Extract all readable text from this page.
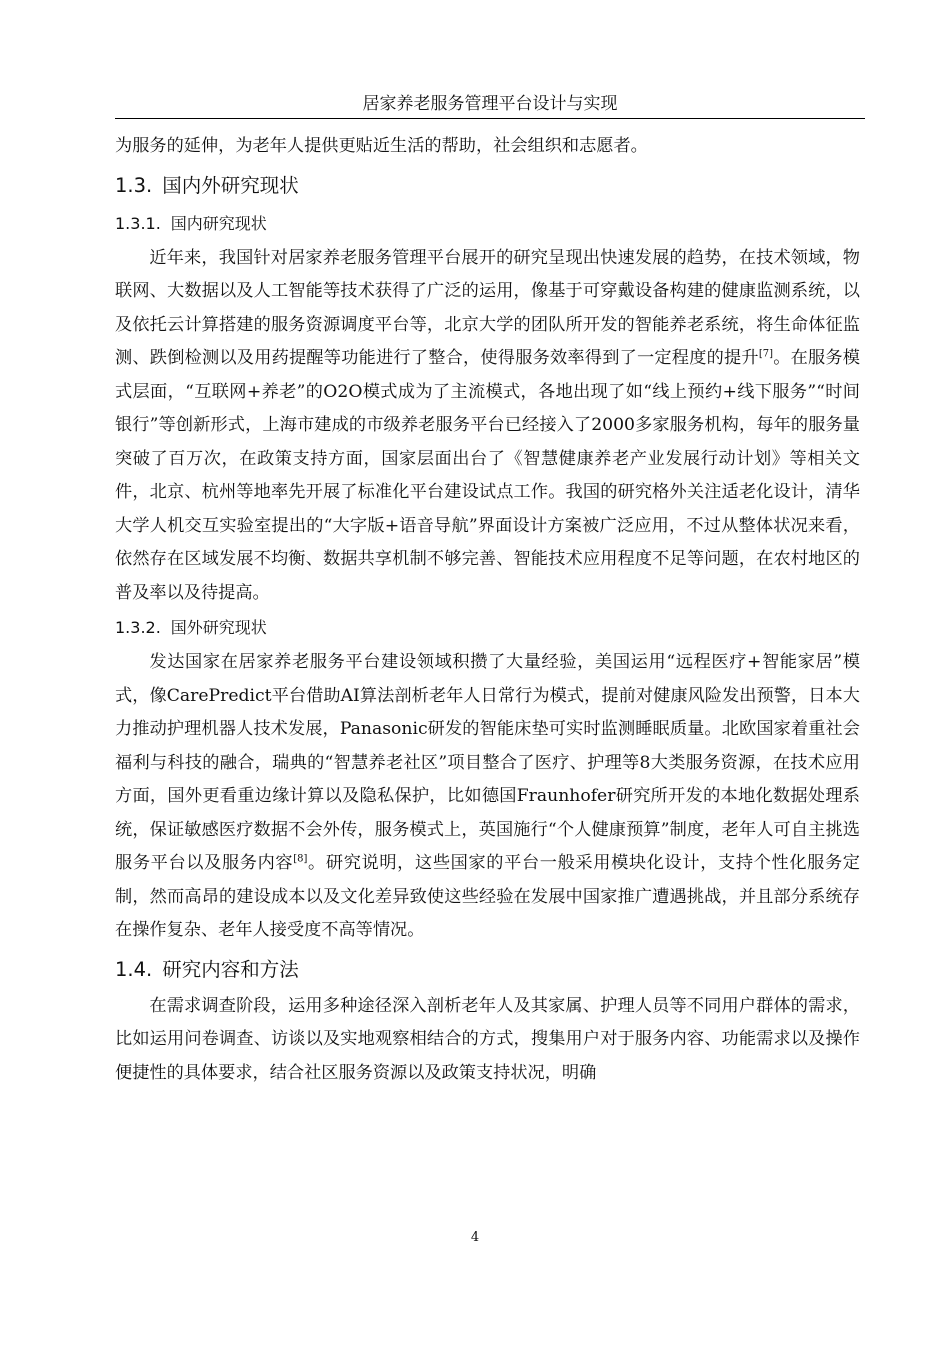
居家养老服务管理平台设计与实现

为服务的延伸，为老年人提供更贴近生活的帮助，社会组织和志愿者。

1.3. 国内外研究现状
1.3.1. 国内研究现状

近年来，我国针对居家养老服务管理平台展开的研究呈现出快速发展的趋势，在技术领域，物联网、大数据以及人工智能等技术获得了广泛的运用，像基于可穿戴设备构建的健康监测系统，以及依托云计算搭建的服务资源调度平台等，北京大学的团队所开发的智能养老系统，将生命体征监测、跌倒检测以及用药提醒等功能进行了整合，使得服务效率得到了一定程度的提升[7]。在服务模式层面，“互联网+养老”的O2O模式成为了主流模式，各地出现了如“线上预约+线下服务”“时间银行”等创新形式，上海市建成的市级养老服务平台已经接入了2000多家服务机构，每年的服务量突破了百万次，在政策支持方面，国家层面出台了《智慧健康养老产业发展行动计划》等相关文件，北京、杭州等地率先开展了标准化平台建设试点工作。我国的研究格外关注适老化设计，清华大学人机交互实验室提出的“大字版+语音导航”界面设计方案被广泛应用，不过从整体状况来看，依然存在区域发展不均衡、数据共享机制不够完善、智能技术应用程度不足等问题，在农村地区的普及率以及待提高。

1.3.2. 国外研究现状

发达国家在居家养老服务平台建设领域积攒了大量经验，美国运用“远程医疗+智能家居”模式，像CarePredict平台借助AI算法剖析老年人日常行为模式，提前对健康风险发出预警，日本大力推动护理机器人技术发展，Panasonic研发的智能床垫可实时监测睡眠质量。北欧国家着重社会福利与科技的融合，瑞典的“智慧养老社区”项目整合了医疗、护理等8大类服务资源，在技术应用方面，国外更看重边缘计算以及隐私保护，比如德国Fraunhofer研究所开发的本地化数据处理系统，保证敏感医疗数据不会外传，服务模式上，英国施行“个人健康预算”制度，老年人可自主挑选服务平台以及服务内容[8]。研究说明，这些国家的平台一般采用模块化设计，支持个性化服务定制，然而高昂的建设成本以及文化差异致使这些经验在发展中国家推广遭遇挑战，并且部分系统存在操作复杂、老年人接受度不高等情况。

1.4. 研究内容和方法

在需求调查阶段，运用多种途径深入剖析老年人及其家属、护理人员等不同用户群体的需求，比如运用问卷调查、访谈以及实地观察相结合的方式，搜集用户对于服务内容、功能需求以及操作便捷性的具体要求，结合社区服务资源以及政策支持状况，明确

4
